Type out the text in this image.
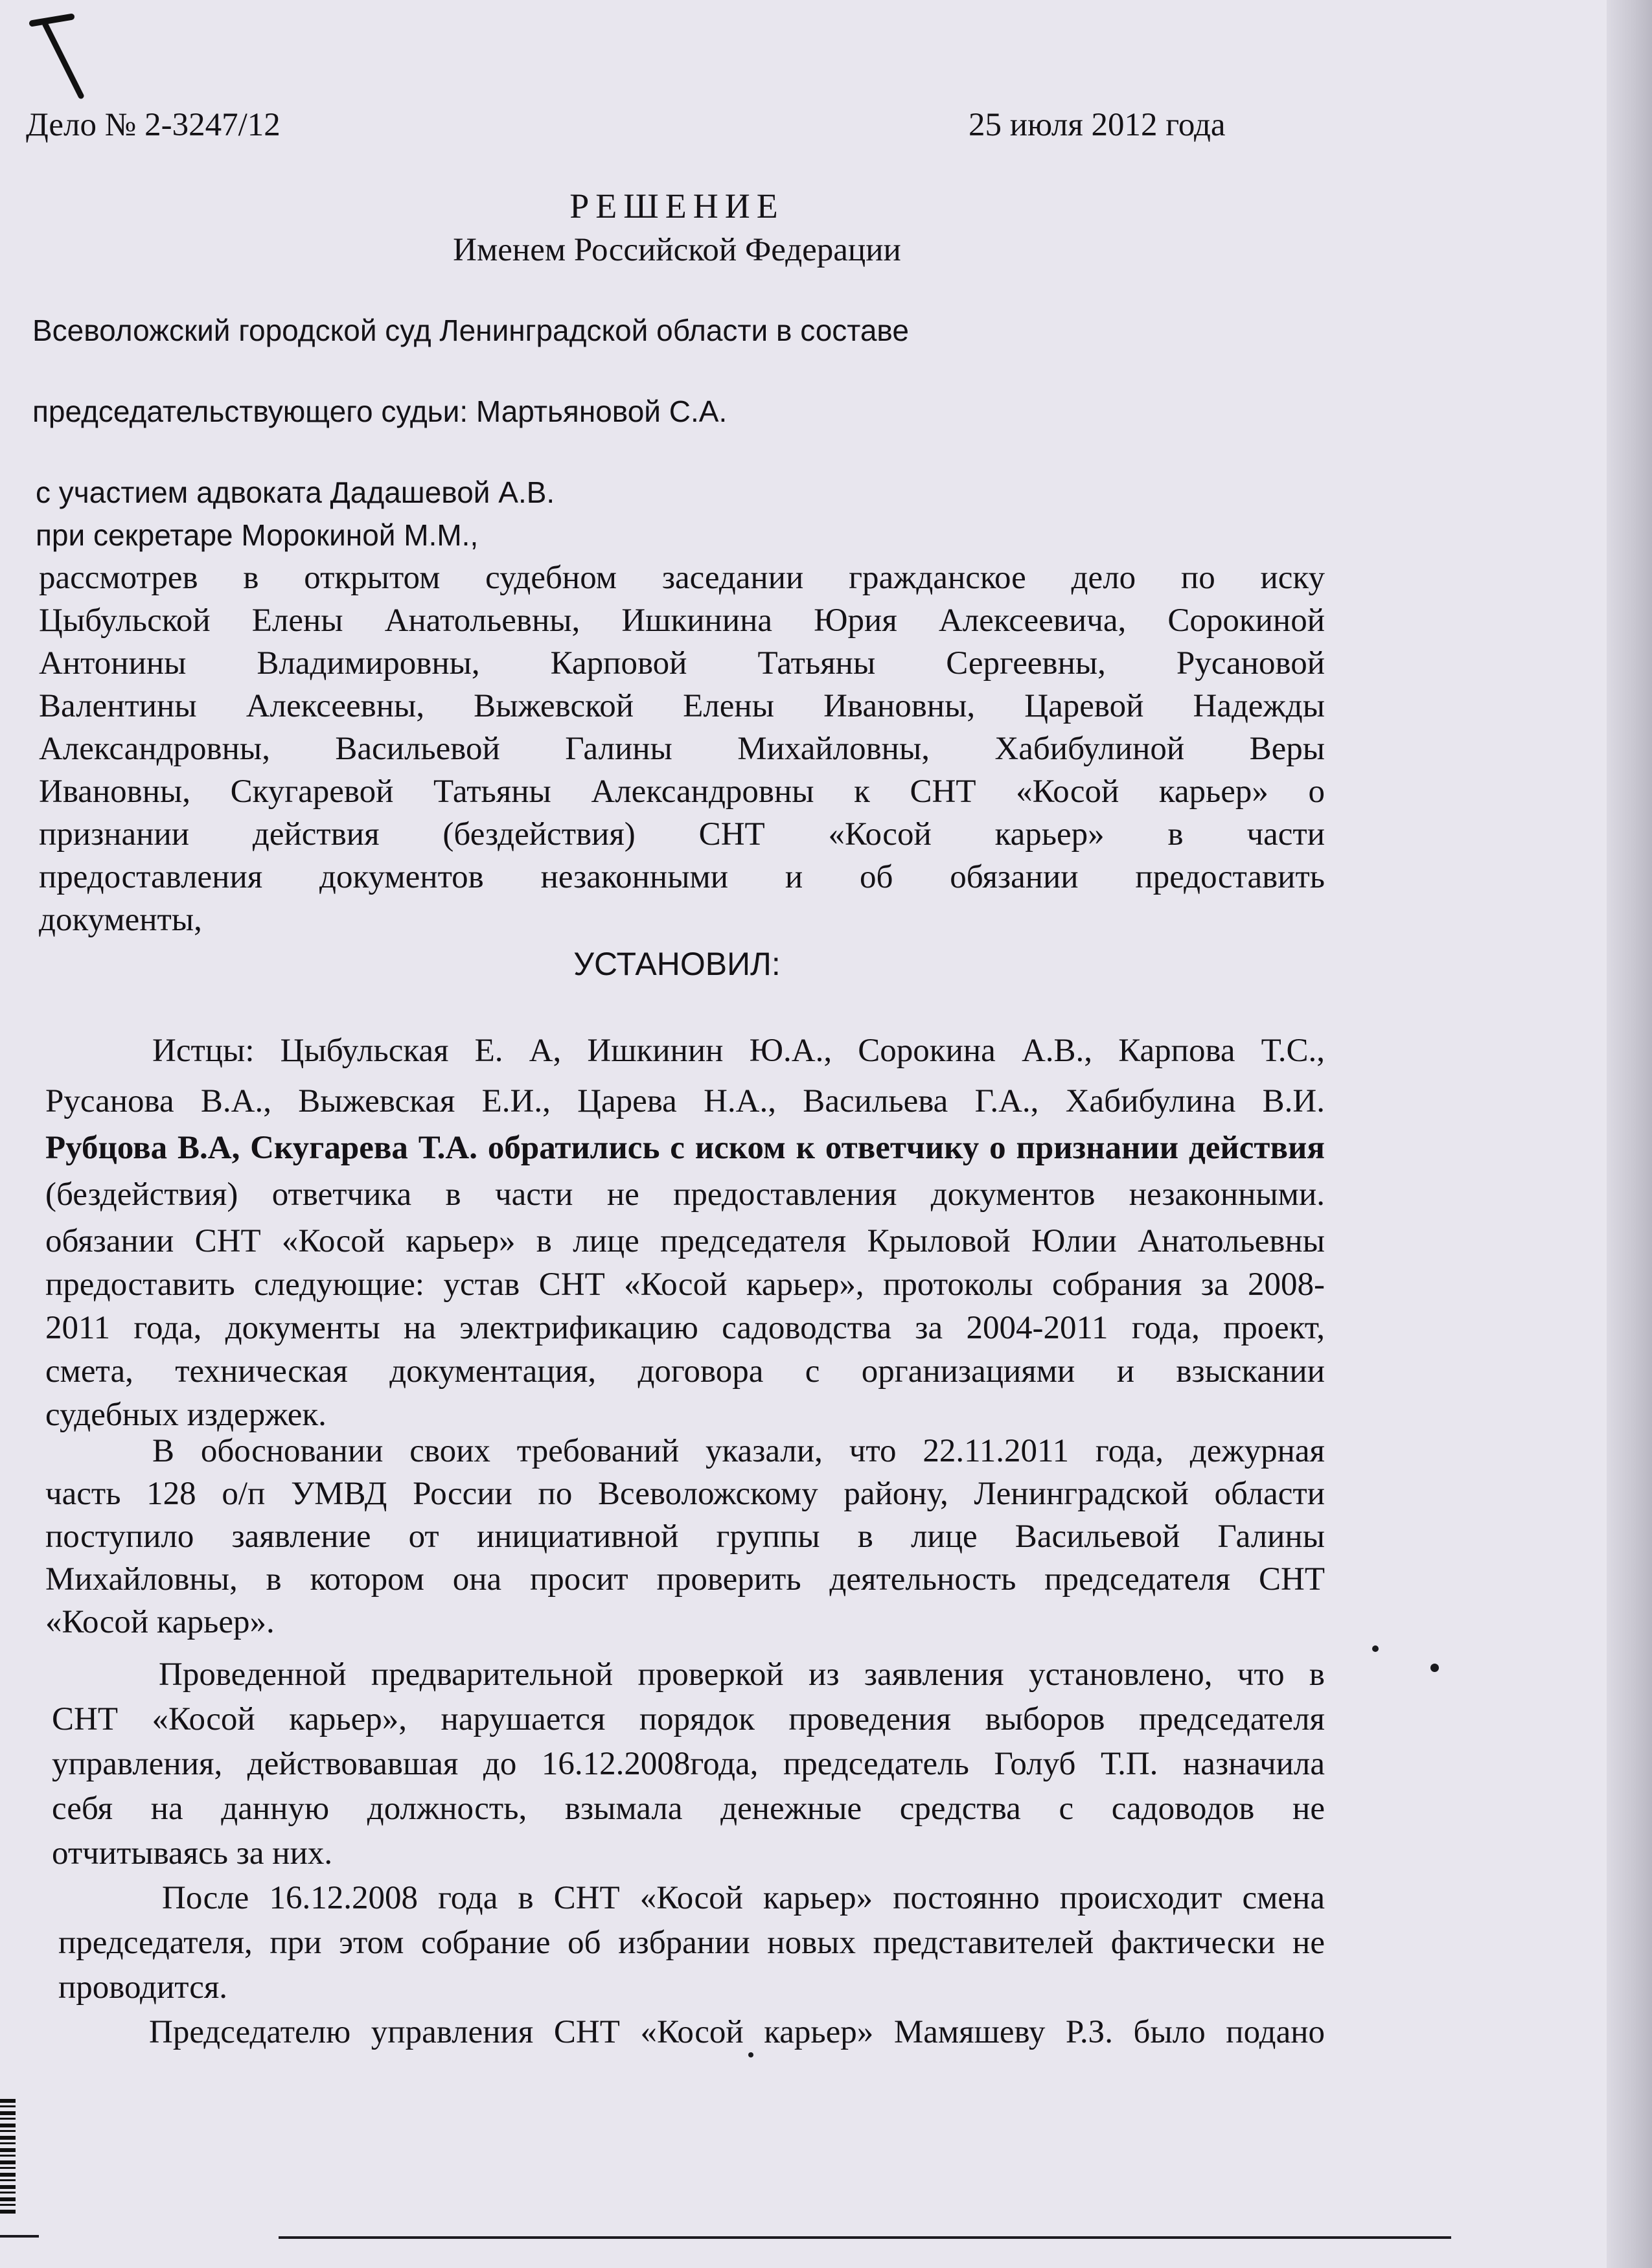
Дело № 2-3247/12	25 июля 2012 года
РЕШЕНИЕ
Именем Российской Федерации
Всеволожский городской суд Ленинградской области в составе
председательствующего судьи: Мартьяновой С.А.
с участием адвоката Дадашевой А.В.
при секретаре Морокиной М.М.,
рассмотрев в открытом судебном заседании гражданское дело по иску
Цыбульской Елены Анатольевны, Ишкинина Юрия Алексеевича, Сорокиной
Антонины Владимировны, Карповой Татьяны Сергеевны, Русановой
Валентины Алексеевны, Выжевской Елены Ивановны, Царевой Надежды
Александровны, Васильевой Галины Михайловны, Хабибулиной Веры
Ивановны, Скугаревой Татьяны Александровны к СНТ «Косой карьер» о
признании действия (бездействия) СНТ «Косой карьер» в части
предоставления документов незаконными и об обязании предоставить
документы,
УСТАНОВИЛ:
Истцы: Цыбульская Е. А, Ишкинин Ю.А., Сорокина А.В., Карпова Т.С.,
Русанова В.А., Выжевская Е.И., Царева Н.А., Васильева Г.А., Хабибулина В.И.
Рубцова В.А, Скугарева Т.А. обратились с иском к ответчику о признании действия
(бездействия) ответчика в части не предоставления документов незаконными.
обязании СНТ «Косой карьер» в лице председателя Крыловой Юлии Анатольевны
предоставить следующие: устав СНТ «Косой карьер», протоколы собрания за 2008-
2011 года, документы на электрификацию садоводства за 2004-2011 года, проект,
смета, техническая документация, договора с организациями и взыскании
судебных издержек.
В обосновании своих требований указали, что 22.11.2011 года, дежурная
часть 128 о/п УМВД России по Всеволожскому району, Ленинградской области
поступило заявление от инициативной группы в лице Васильевой Галины
Михайловны, в котором она просит проверить деятельность председателя СНТ
«Косой карьер».
Проведенной предварительной проверкой из заявления установлено, что в
СНТ «Косой карьер», нарушается порядок проведения выборов председателя
управления, действовавшая до 16.12.2008года, председатель Голуб Т.П. назначила
себя на данную должность, взымала денежные средства с садоводов не
отчитываясь за них.
После 16.12.2008 года в СНТ «Косой карьер» постоянно происходит смена
председателя, при этом собрание об избрании новых представителей фактически не
проводится.
Председателю управления СНТ «Косой карьер» Мамяшеву Р.З. было подано
